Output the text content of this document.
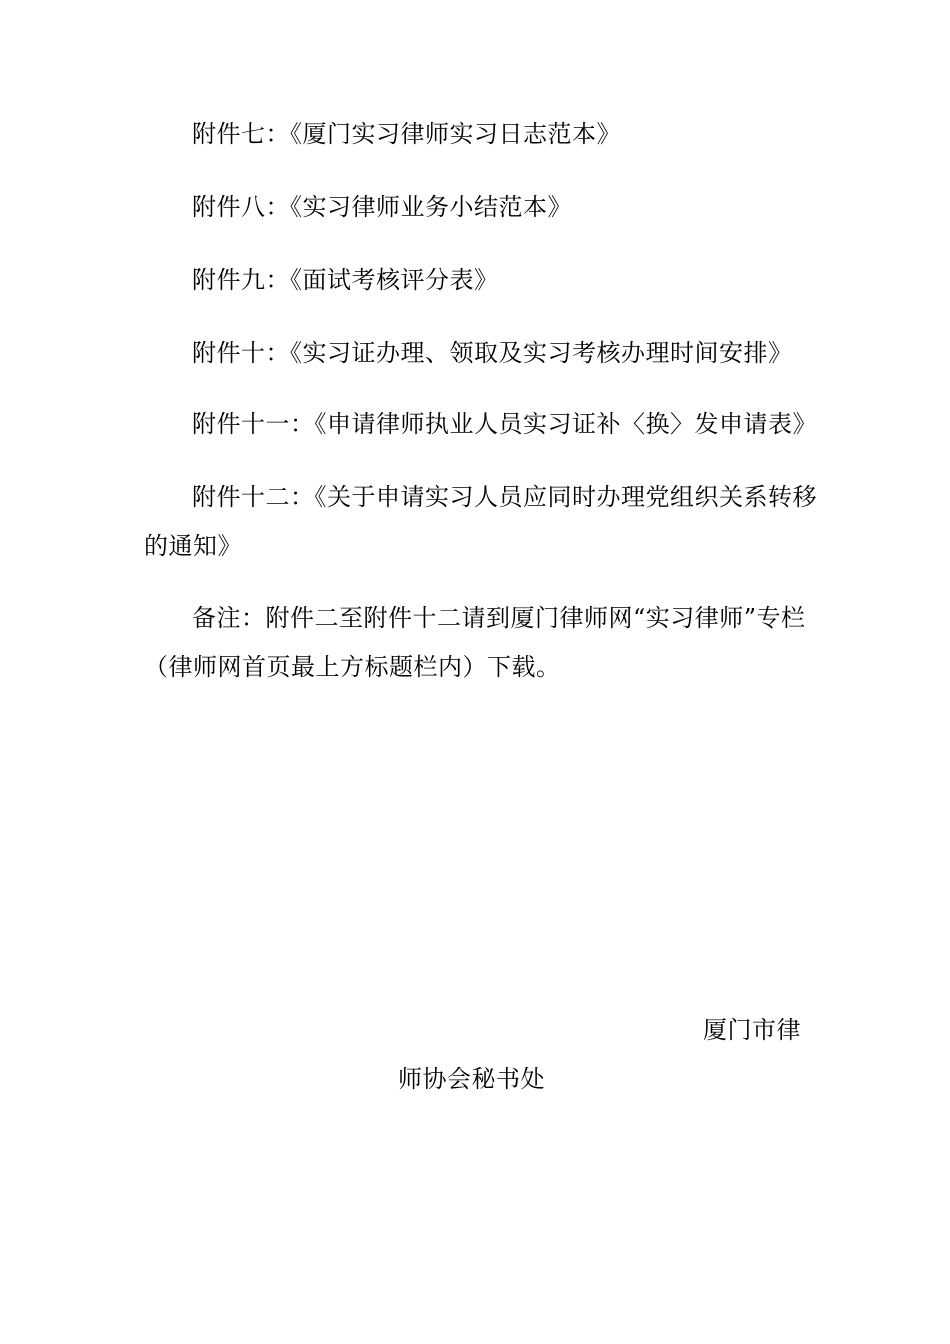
附件七：《厦门实习律师实习日志范本》
附件八：《实习律师业务小结范本》
附件九：《面试考核评分表》
附件十：《实习证办理、领取及实习考核办理时间安排》
附件十一：《申请律师执业人员实习证补〈换〉发申请表》
附件十二：《关于申请实习人员应同时办理党组织关系转移
的通知》
备注：附件二至附件十二请到厦门律师网“实习律师”专栏
（律师网首页最上方标题栏内）下载。
厦门市律
师协会秘书处
